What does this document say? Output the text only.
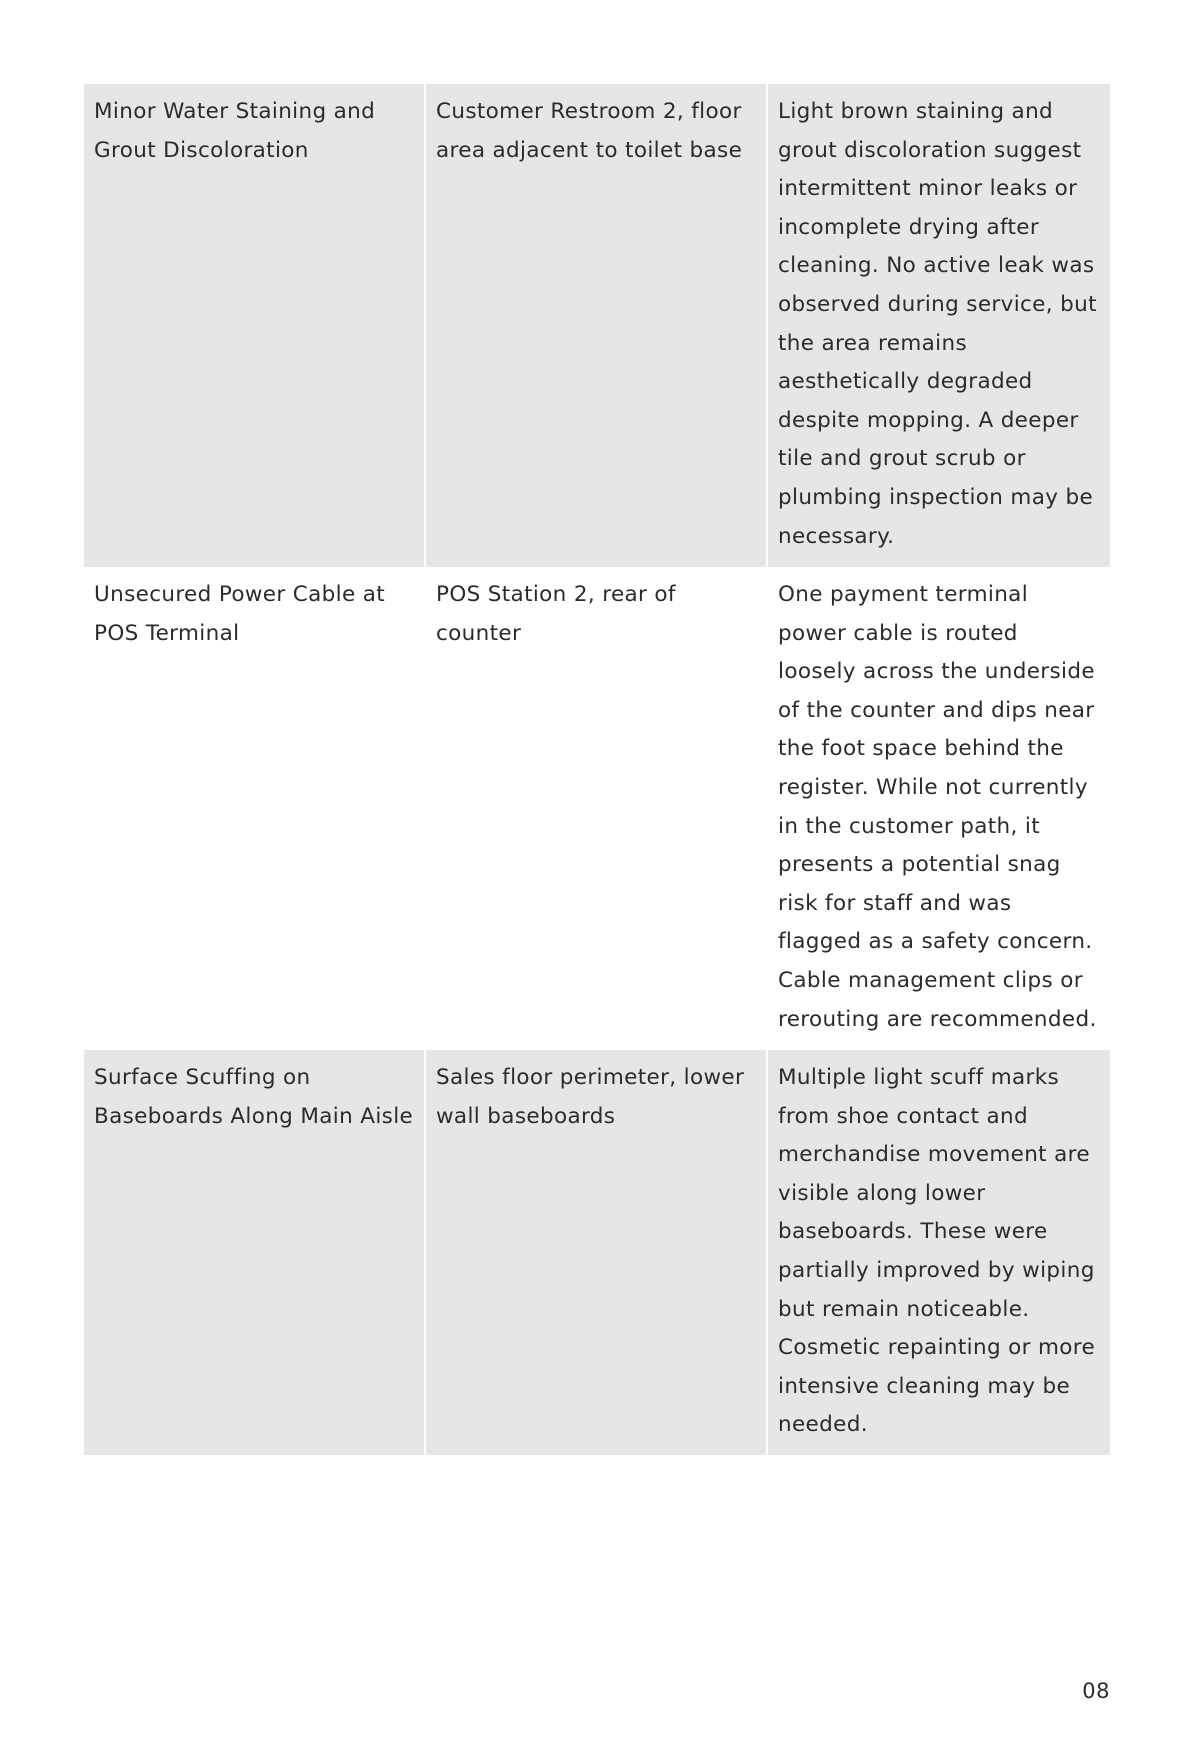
Minor Water Staining and Grout Discoloration	Customer Restroom 2, floor area adjacent to toilet base	Light brown staining and grout discoloration suggest intermittent minor leaks or incomplete drying after cleaning. No active leak was observed during service, but the area remains aesthetically degraded despite mopping. A deeper tile and grout scrub or plumbing inspection may be necessary.
Unsecured Power Cable at POS Terminal	POS Station 2, rear of counter	One payment terminal power cable is routed loosely across the underside of the counter and dips near the foot space behind the register. While not currently in the customer path, it presents a potential snag risk for staff and was flagged as a safety concern. Cable management clips or rerouting are recommended.
Surface Scuffing on Baseboards Along Main Aisle	Sales floor perimeter, lower wall baseboards	Multiple light scuff marks from shoe contact and merchandise movement are visible along lower baseboards. These were partially improved by wiping but remain noticeable. Cosmetic repainting or more intensive cleaning may be needed.
08
